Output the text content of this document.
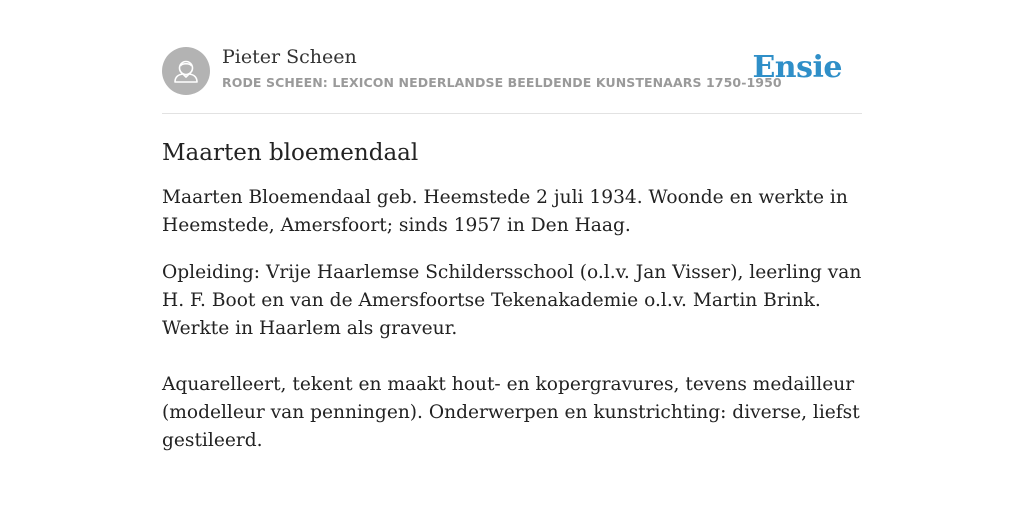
Pieter Scheen
RODE SCHEEN: LEXICON NEDERLANDSE BEELDENDE KUNSTENAARS 1750-1950
Ensie
Maarten bloemendaal

Maarten Bloemendaal geb. Heemstede 2 juli 1934. Woonde en werkte in Heemstede, Amersfoort; sinds 1957 in Den Haag.

Opleiding: Vrije Haarlemse Schildersschool (o.l.v. Jan Visser), leerling van H. F. Boot en van de Amersfoortse Tekenakademie o.l.v. Martin Brink. Werkte in Haarlem als graveur.

Aquarelleert, tekent en maakt hout- en kopergravures, tevens medailleur (modelleur van penningen). Onderwerpen en kunstrichting: diverse, liefst gestileerd.
